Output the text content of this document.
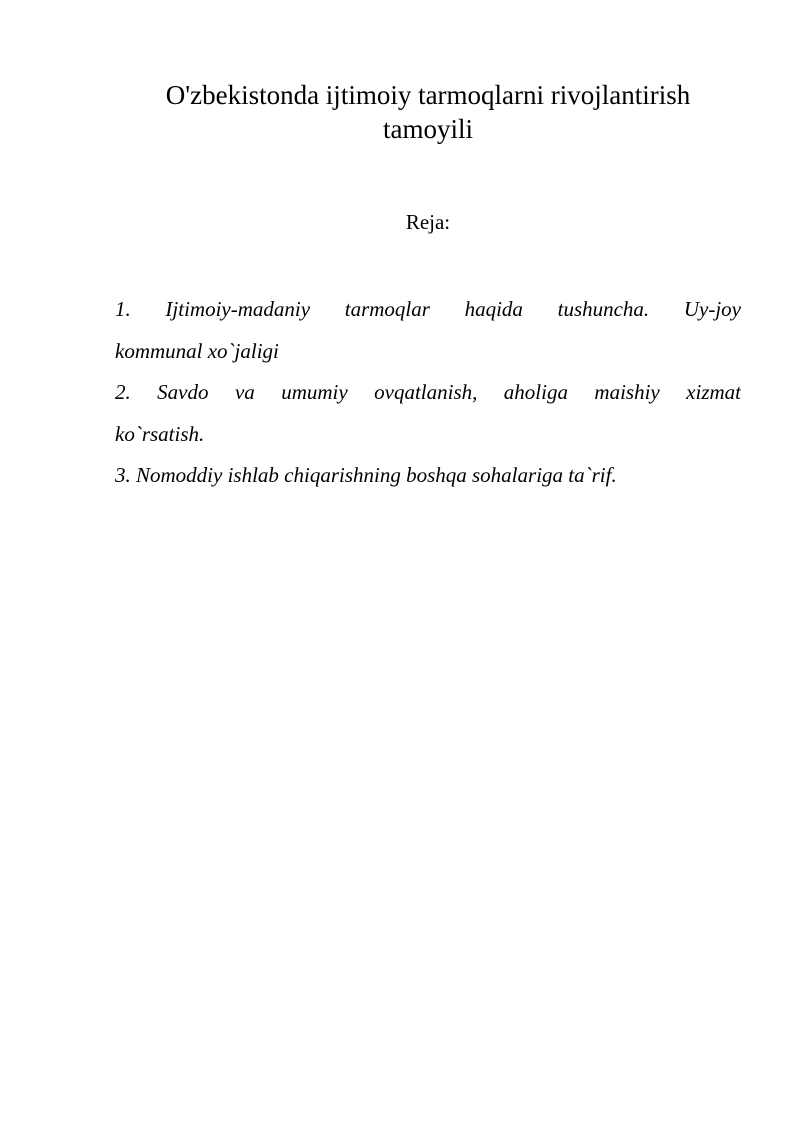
O'zbekistonda ijtimoiy tarmoqlarni rivojlantirish
tamoyili

Reja:

1. Ijtimoiy-madaniy tarmoqlar haqida tushuncha. Uy-joy
kommunal xo`jaligi
2. Savdo va umumiy ovqatlanish, aholiga maishiy xizmat
ko`rsatish.
3. Nomoddiy ishlab chiqarishning boshqa sohalariga ta`rif.
